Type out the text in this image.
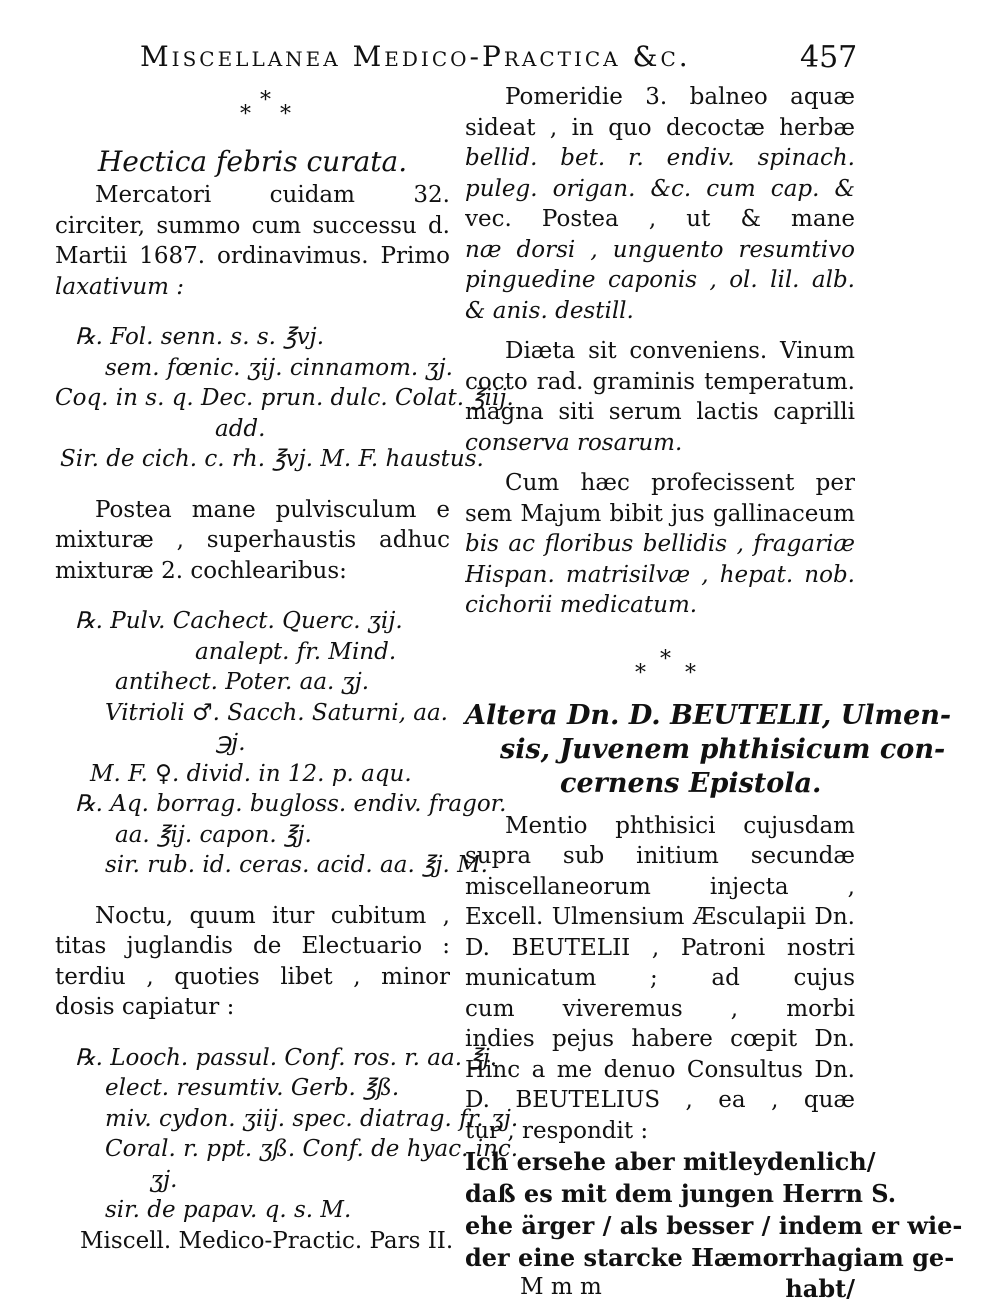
Miscellanea Medico-Practica &c.	457
*
*
*
Hectica febris curata.
Mercatori cuidam 32.
circiter, summo cum successu d.
Martii 1687. ordinavimus. Primo
laxativum :
℞. Fol. senn. s. s. ℥vj.
sem. fœnic. ʒij. cinnamom. ʒj.
Coq. in s. q. Dec. prun. dulc. Colat. ℥iij.
add.
Sir. de cich. c. rh. ℥vj. M. F. haustus.
Postea mane pulvisculum e
mixturæ , superhaustis adhuc
mixturæ 2. cochlearibus:
℞. Pulv. Cachect. Querc. ʒij.
analept. fr. Mind.
antihect. Poter. aa. ʒj.
Vitrioli ♂. Sacch. Saturni, aa.
℈j.
M. F. ♀. divid. in 12. p. aqu.
℞. Aq. borrag. bugloss. endiv. fragor.
aa. ℥ij. capon. ℥j.
sir. rub. id. ceras. acid. aa. ℥j. M.
Noctu, quum itur cubitum ,
titas juglandis de Electuario :
terdiu , quoties libet , minor
dosis capiatur :
℞. Looch. passul. Conf. ros. r. aa. ℥j.
elect. resumtiv. Gerb. ℥ß.
miv. cydon. ʒiij. spec. diatrag. fr. ʒj.
Coral. r. ppt. ʒß. Conf. de hyac. inc.
ʒj.
sir. de papav. q. s. M.
Miscell. Medico-Practic. Pars II.
Pomeridie 3. balneo aquæ
sideat , in quo decoctæ herbæ
bellid. bet. r. endiv. spinach.
puleg. origan. &c. cum cap. &
vec. Postea , ut & mane
næ dorsi , unguento resumtivo
pinguedine caponis , ol. lil. alb.
& anis. destill.
Diæta sit conveniens. Vinum
cocto rad. graminis temperatum.
magna siti serum lactis caprilli
conserva rosarum.
Cum hæc profecissent per
sem Majum bibit jus gallinaceum
bis ac floribus bellidis , fragariæ
Hispan. matrisilvæ , hepat. nob.
cichorii medicatum.
*
*
*
Altera Dn. D. BEUTELII, Ulmen-
sis, Juvenem phthisicum con-
cernens Epistola.
Mentio phthisici cujusdam
supra sub initium secundæ
miscellaneorum injecta ,
Excell. Ulmensium Æsculapii Dn.
D. BEUTELII , Patroni nostri
municatum ; ad cujus
cum viveremus , morbi
indies pejus habere cœpit Dn.
Hinc a me denuo Consultus Dn.
D. BEUTELIUS , ea , quæ
tur , respondit :
Ich ersehe aber mitleydenlich/
daß es mit dem jungen Herrn S.
ehe ärger / als besser / indem er wie-
der eine starcke Hæmorrhagiam ge-
M m m	habt/
